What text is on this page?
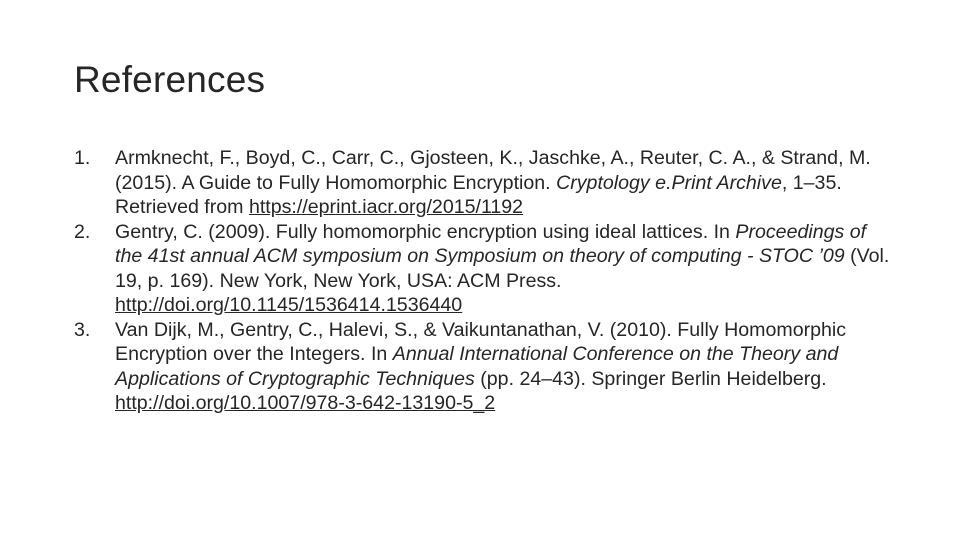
References
1. Armknecht, F., Boyd, C., Carr, C., Gjosteen, K., Jaschke, A., Reuter, C. A., & Strand, M. (2015). A Guide to Fully Homomorphic Encryption. Cryptology e.Print Archive, 1–35. Retrieved from https://eprint.iacr.org/2015/1192
2. Gentry, C. (2009). Fully homomorphic encryption using ideal lattices. In Proceedings of the 41st annual ACM symposium on Symposium on theory of computing - STOC ’09 (Vol. 19, p. 169). New York, New York, USA: ACM Press. http://doi.org/10.1145/1536414.1536440
3. Van Dijk, M., Gentry, C., Halevi, S., & Vaikuntanathan, V. (2010). Fully Homomorphic Encryption over the Integers. In Annual International Conference on the Theory and Applications of Cryptographic Techniques (pp. 24–43). Springer Berlin Heidelberg. http://doi.org/10.1007/978-3-642-13190-5_2
